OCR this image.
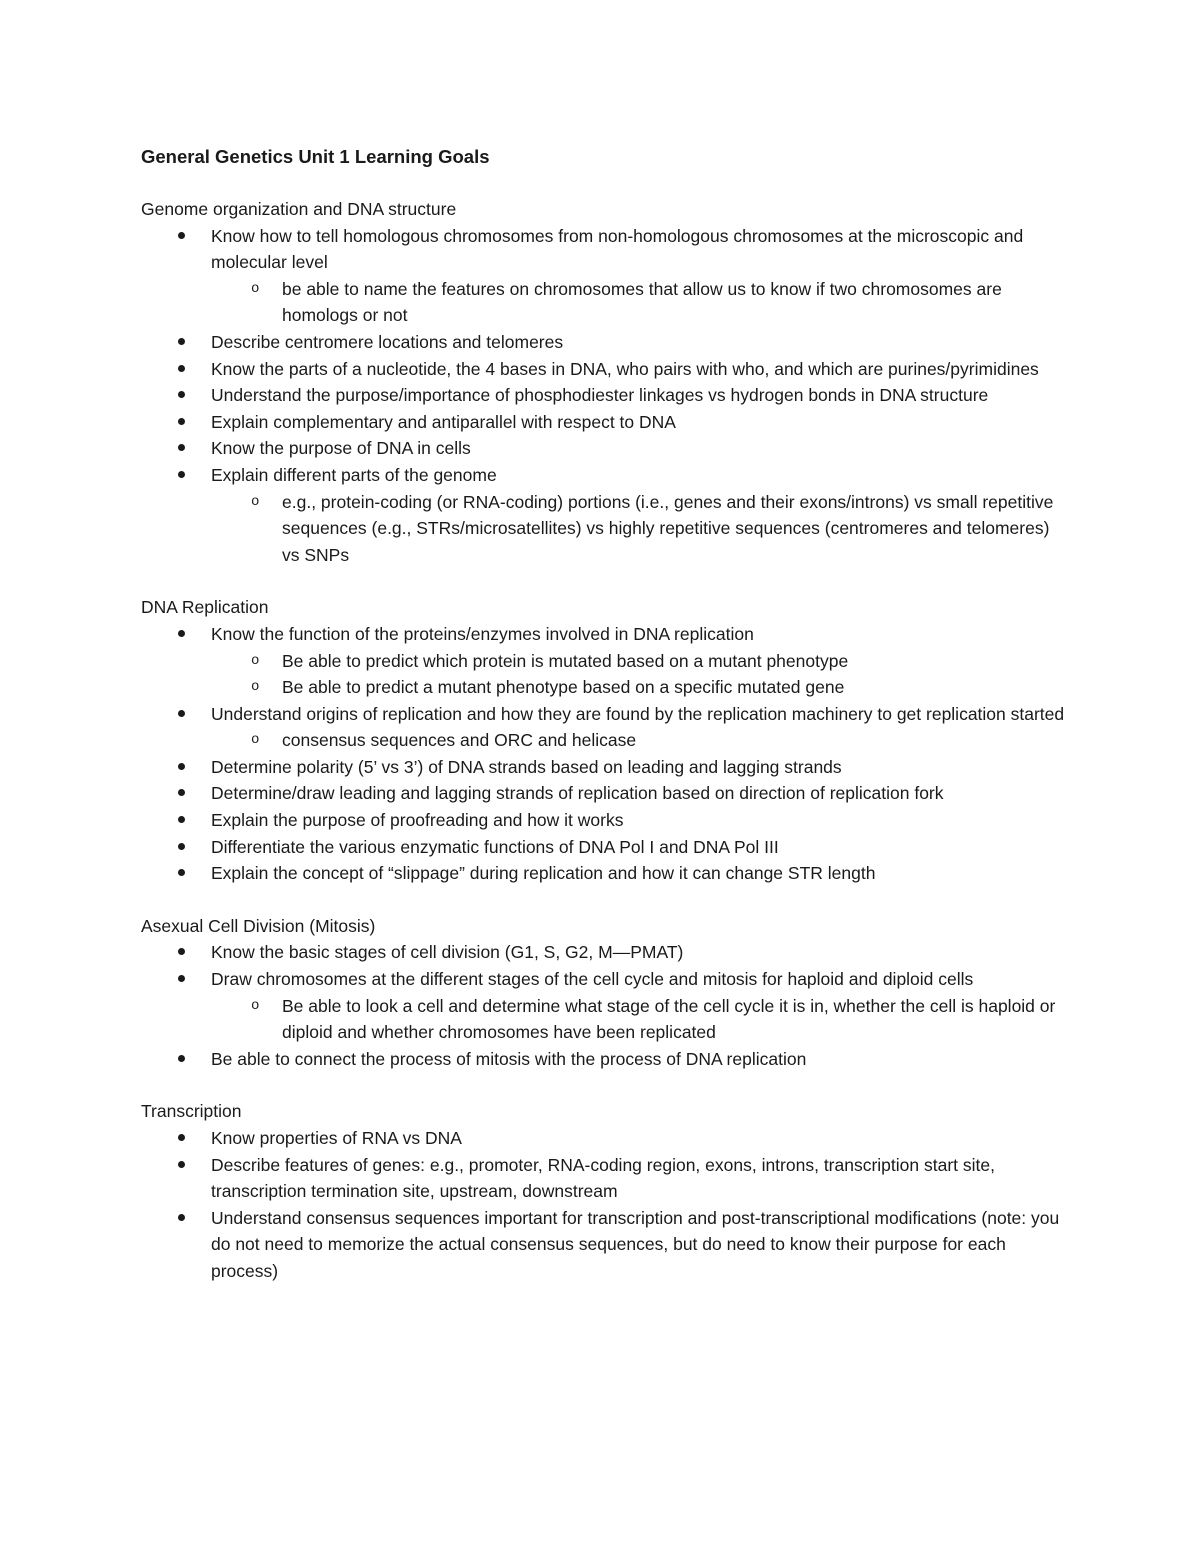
General Genetics Unit 1 Learning Goals
Genome organization and DNA structure
Know how to tell homologous chromosomes from non-homologous chromosomes at the microscopic and molecular level
o be able to name the features on chromosomes that allow us to know if two chromosomes are homologs or not
Describe centromere locations and telomeres
Know the parts of a nucleotide, the 4 bases in DNA, who pairs with who, and which are purines/pyrimidines
Understand the purpose/importance of phosphodiester linkages vs hydrogen bonds in DNA structure
Explain complementary and antiparallel with respect to DNA
Know the purpose of DNA in cells
Explain different parts of the genome
o e.g., protein-coding (or RNA-coding) portions (i.e., genes and their exons/introns) vs small repetitive sequences (e.g., STRs/microsatellites) vs highly repetitive sequences (centromeres and telomeres) vs SNPs
DNA Replication
Know the function of the proteins/enzymes involved in DNA replication
o Be able to predict which protein is mutated based on a mutant phenotype
o Be able to predict a mutant phenotype based on a specific mutated gene
Understand origins of replication and how they are found by the replication machinery to get replication started
o consensus sequences and ORC and helicase
Determine polarity (5’ vs 3’) of DNA strands based on leading and lagging strands
Determine/draw leading and lagging strands of replication based on direction of replication fork
Explain the purpose of proofreading and how it works
Differentiate the various enzymatic functions of DNA Pol I and DNA Pol III
Explain the concept of “slippage” during replication and how it can change STR length
Asexual Cell Division (Mitosis)
Know the basic stages of cell division (G1, S, G2, M—PMAT)
Draw chromosomes at the different stages of the cell cycle and mitosis for haploid and diploid cells
o Be able to look a cell and determine what stage of the cell cycle it is in, whether the cell is haploid or diploid and whether chromosomes have been replicated
Be able to connect the process of mitosis with the process of DNA replication
Transcription
Know properties of RNA vs DNA
Describe features of genes: e.g., promoter, RNA-coding region, exons, introns, transcription start site, transcription termination site, upstream, downstream
Understand consensus sequences important for transcription and post-transcriptional modifications (note: you do not need to memorize the actual consensus sequences, but do need to know their purpose for each process)
